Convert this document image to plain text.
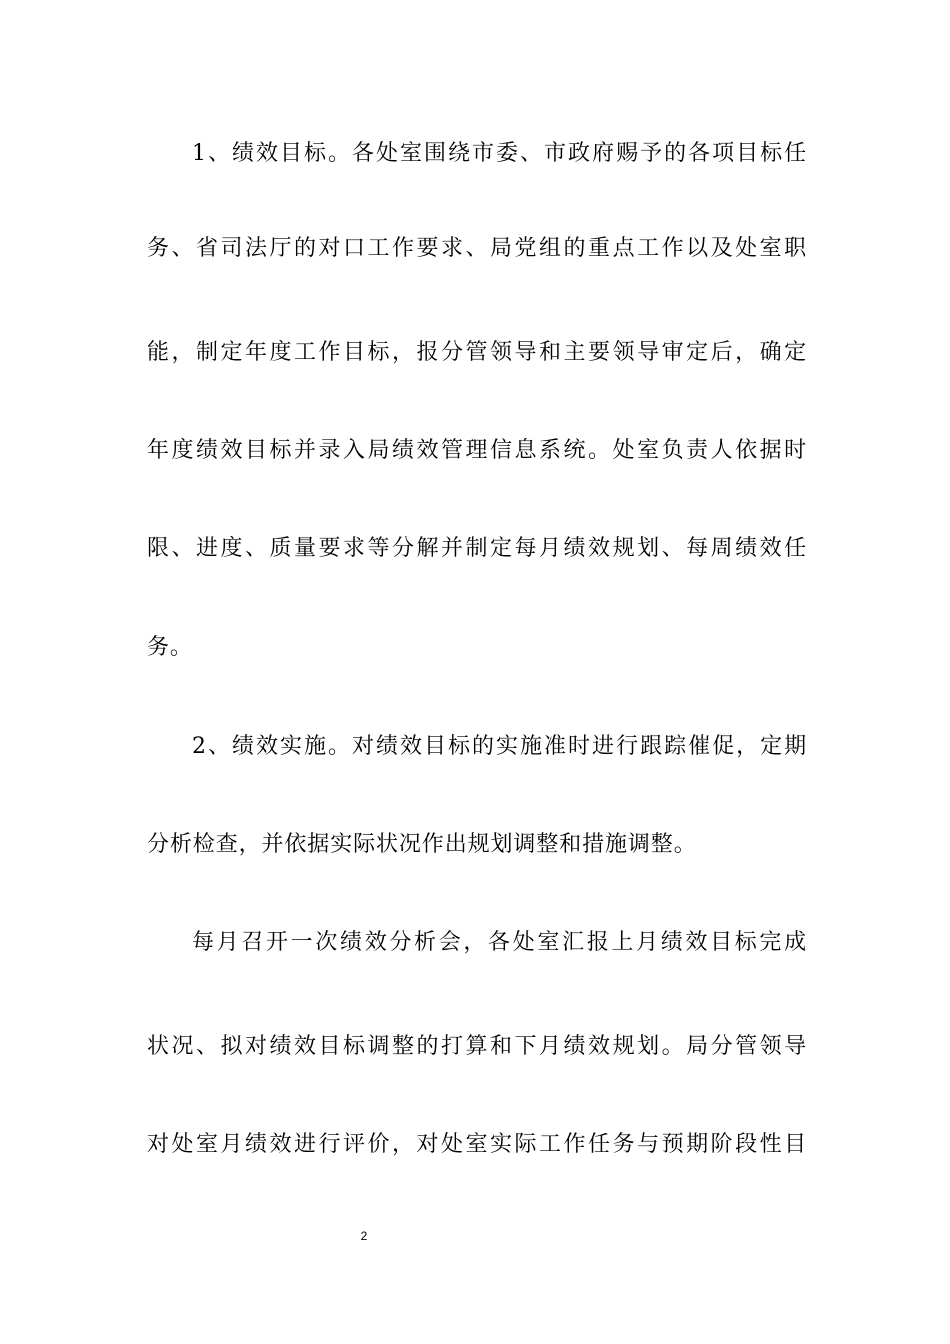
1、绩效目标。各处室围绕市委、市政府赐予的各项目标任
务、省司法厅的对口工作要求、局党组的重点工作以及处室职
能，制定年度工作目标，报分管领导和主要领导审定后，确定
年度绩效目标并录入局绩效管理信息系统。处室负责人依据时
限、进度、质量要求等分解并制定每月绩效规划、每周绩效任
务。
2、绩效实施。对绩效目标的实施准时进行跟踪催促，定期
分析检查，并依据实际状况作出规划调整和措施调整。
每月召开一次绩效分析会，各处室汇报上月绩效目标完成
状况、拟对绩效目标调整的打算和下月绩效规划。局分管领导
对处室月绩效进行评价，对处室实际工作任务与预期阶段性目
2
